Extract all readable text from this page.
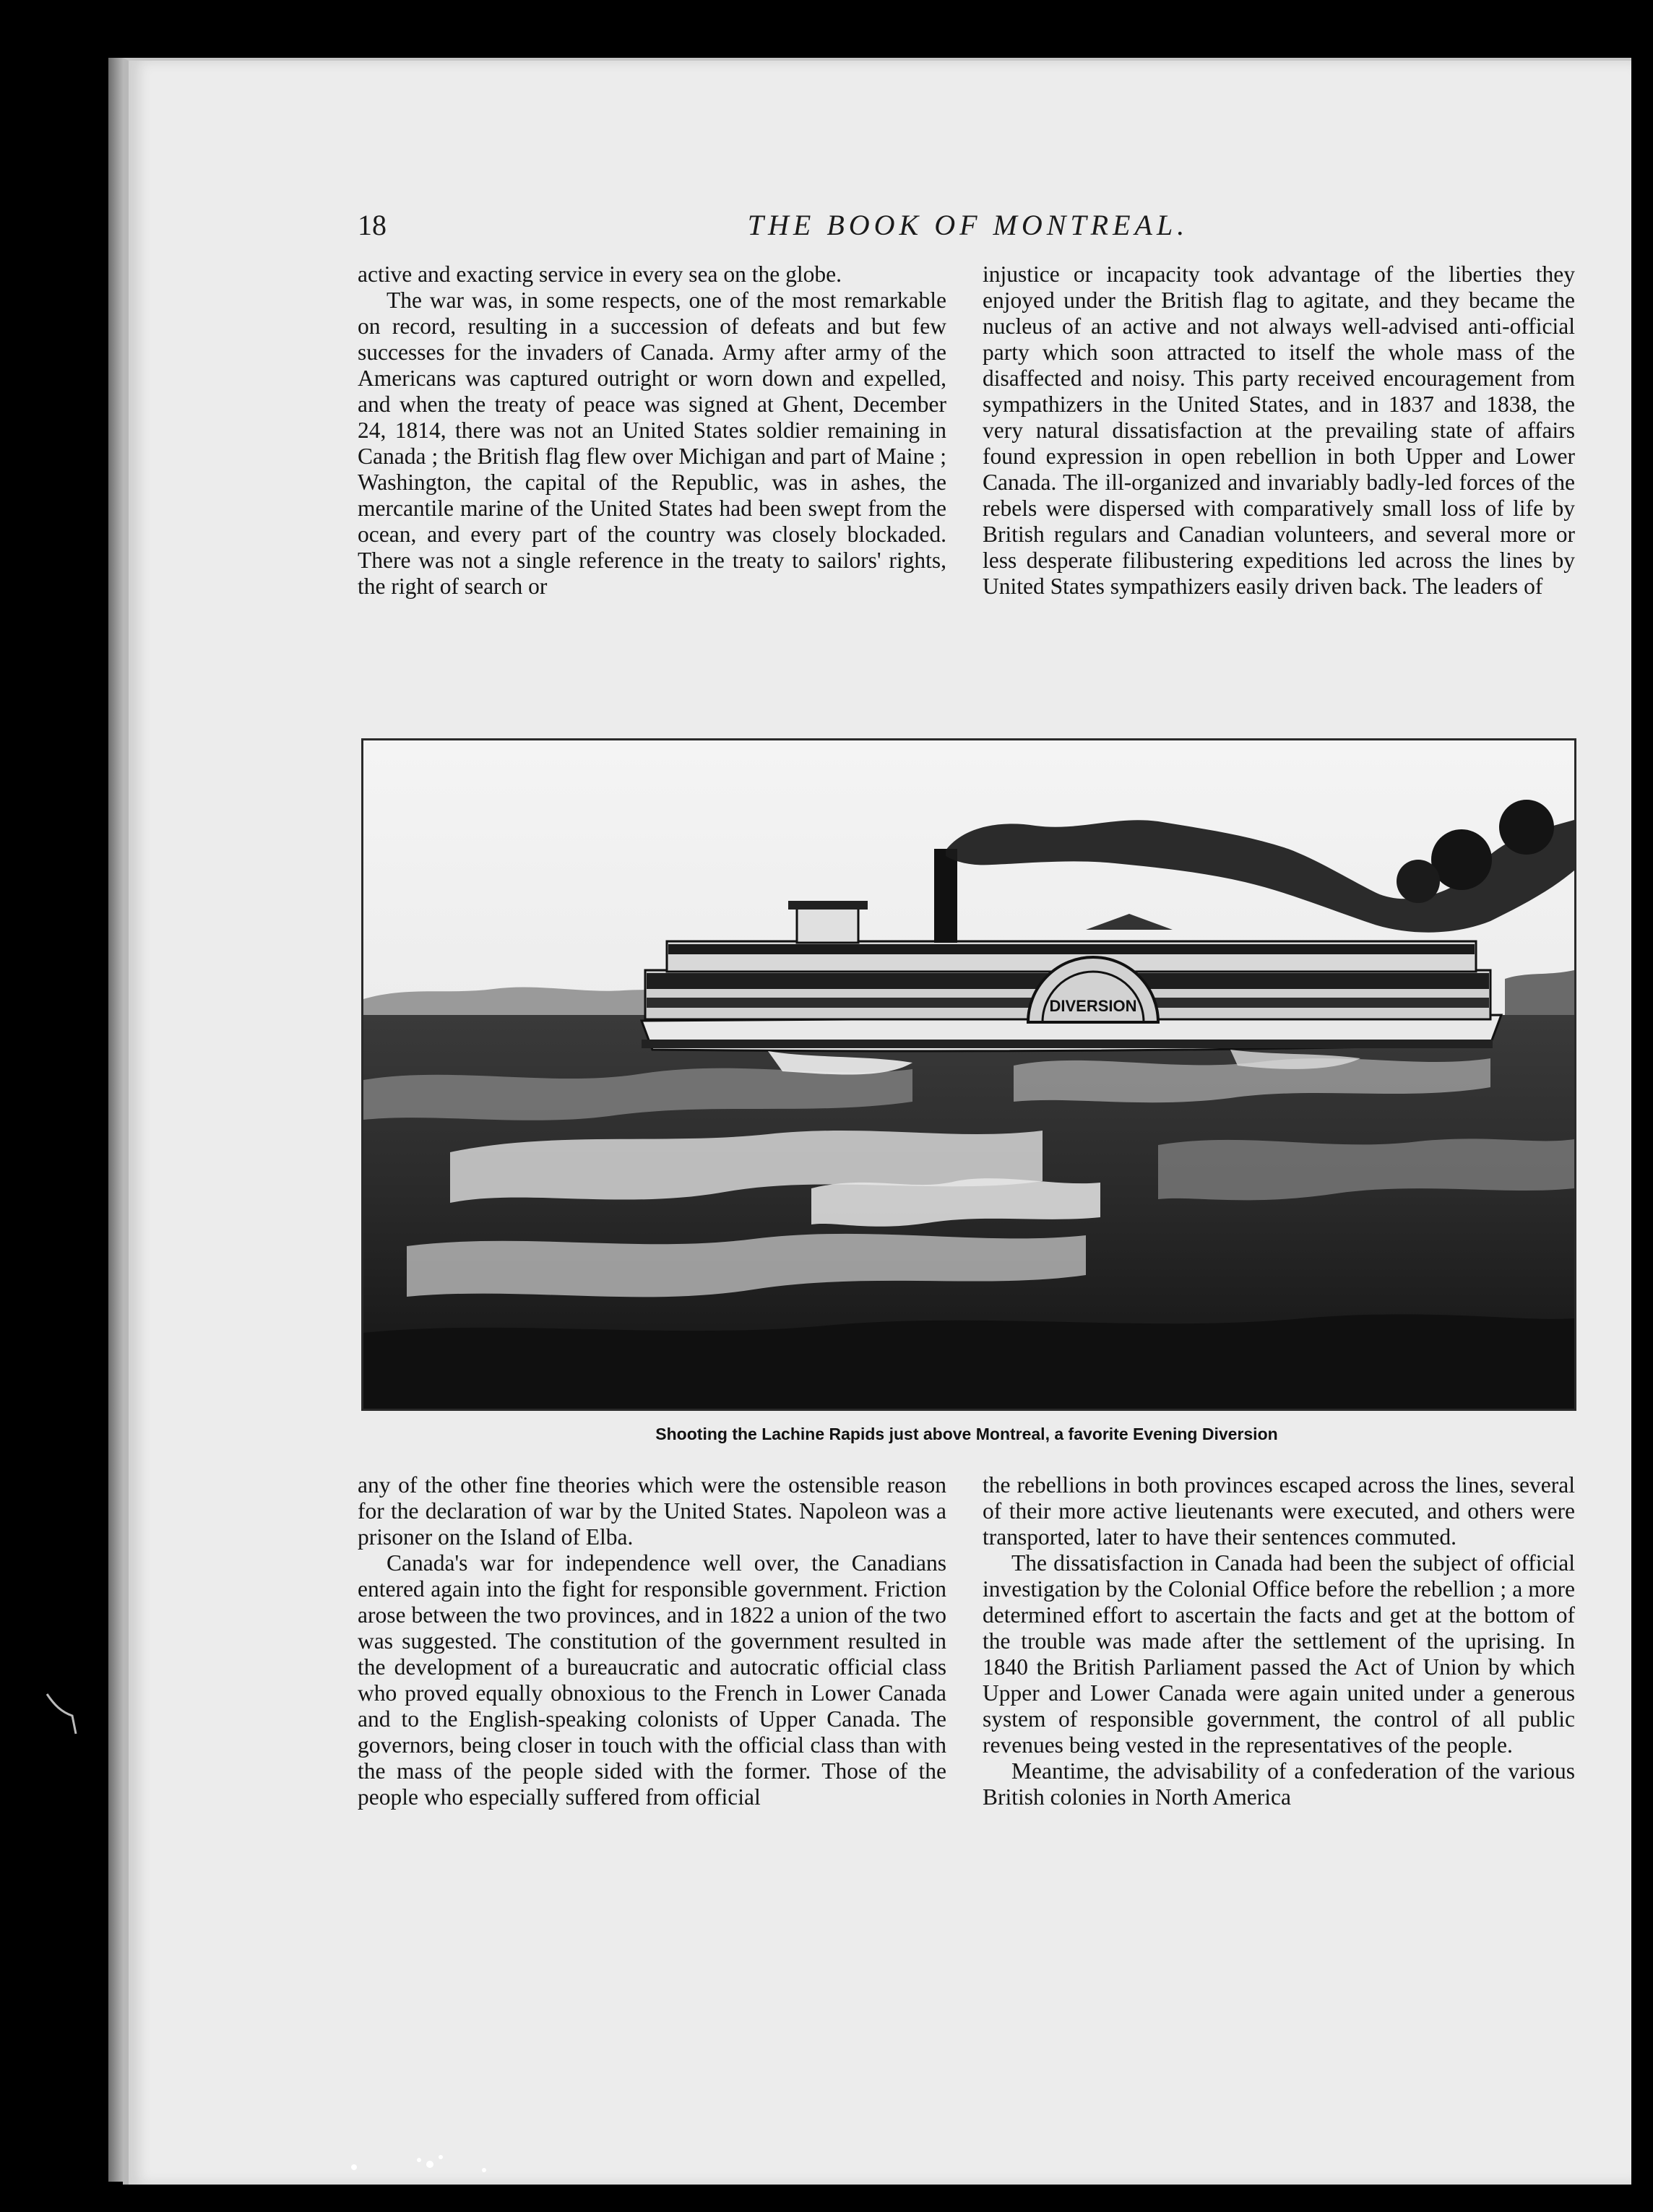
18	THE BOOK OF MONTREAL.

active and exacting service in every sea on the globe.

The war was, in some respects, one of the most remarkable on record, resulting in a succession of defeats and but few successes for the invaders of Canada. Army after army of the Americans was captured outright or worn down and expelled, and when the treaty of peace was signed at Ghent, December 24, 1814, there was not an United States soldier remaining in Canada ; the British flag flew over Michigan and part of Maine ; Washington, the capital of the Republic, was in ashes, the mercantile marine of the United States had been swept from the ocean, and every part of the country was closely blockaded. There was not a single reference in the treaty to sailors' rights, the right of search or

injustice or incapacity took advantage of the liberties they enjoyed under the British flag to agitate, and they became the nucleus of an active and not always well-advised anti-official party which soon attracted to itself the whole mass of the disaffected and noisy. This party received encouragement from sympathizers in the United States, and in 1837 and 1838, the very natural dissatisfaction at the prevailing state of affairs found expression in open rebellion in both Upper and Lower Canada. The ill-organized and invariably badly-led forces of the rebels were dispersed with comparatively small loss of life by British regulars and Canadian volunteers, and several more or less desperate filibustering expeditions led across the lines by United States sympathizers easily driven back. The leaders of

DIVERSION
Shooting the Lachine Rapids just above Montreal, a favorite Evening Diversion

any of the other fine theories which were the ostensible reason for the declaration of war by the United States. Napoleon was a prisoner on the Island of Elba.

Canada's war for independence well over, the Canadians entered again into the fight for responsible government. Friction arose between the two provinces, and in 1822 a union of the two was suggested. The constitution of the government resulted in the development of a bureaucratic and autocratic official class who proved equally obnoxious to the French in Lower Canada and to the English-speaking colonists of Upper Canada. The governors, being closer in touch with the official class than with the mass of the people sided with the former. Those of the people who especially suffered from official

the rebellions in both provinces escaped across the lines, several of their more active lieutenants were executed, and others were transported, later to have their sentences commuted.

The dissatisfaction in Canada had been the subject of official investigation by the Colonial Office before the rebellion ; a more determined effort to ascertain the facts and get at the bottom of the trouble was made after the settlement of the uprising. In 1840 the British Parliament passed the Act of Union by which Upper and Lower Canada were again united under a generous system of responsible government, the control of all public revenues being vested in the representatives of the people.

Meantime, the advisability of a confederation of the various British colonies in North America
